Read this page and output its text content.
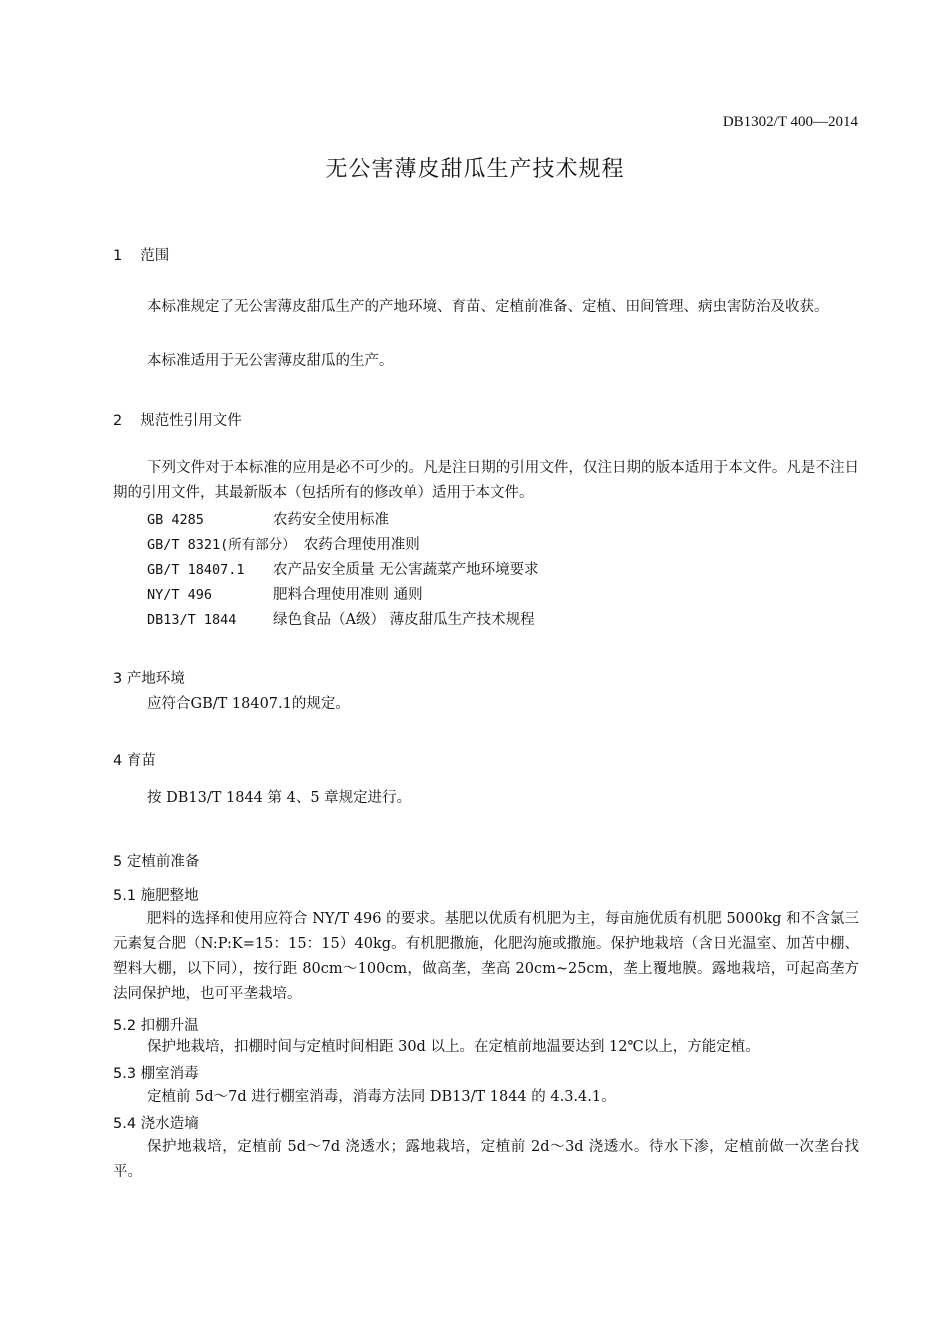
DB1302/T 400—2014
无公害薄皮甜瓜生产技术规程
1 范围
本标准规定了无公害薄皮甜瓜生产的产地环境、育苗、定植前准备、定植、田间管理、病虫害防治及收获。
本标准适用于无公害薄皮甜瓜的生产。
2 规范性引用文件
下列文件对于本标准的应用是必不可少的。凡是注日期的引用文件，仅注日期的版本适用于本文件。凡是不注日期的引用文件，其最新版本（包括所有的修改单）适用于本文件。
GB 4285	农药安全使用标准
GB/T 8321(所有部分） 农药合理使用准则
GB/T 18407.1 农产品安全质量 无公害蔬菜产地环境要求
NY/T 496	肥料合理使用准则 通则
DB13/T 1844	绿色食品（A级） 薄皮甜瓜生产技术规程
3 产地环境
应符合GB/T 18407.1的规定。
4 育苗
按 DB13/T 1844 第 4、5 章规定进行。
5 定植前准备
5.1 施肥整地
肥料的选择和使用应符合 NY/T 496 的要求。基肥以优质有机肥为主，每亩施优质有机肥 5000kg 和不含氯三元素复合肥（N:P:K=15：15：15）40kg。有机肥撒施，化肥沟施或撒施。保护地栽培（含日光温室、加苫中棚、塑料大棚，以下同），按行距 80cm～100cm，做高垄，垄高 20cm~25cm，垄上覆地膜。露地栽培，可起高垄方法同保护地，也可平垄栽培。
5.2 扣棚升温
保护地栽培，扣棚时间与定植时间相距 30d 以上。在定植前地温要达到 12℃以上，方能定植。
5.3 棚室消毒
定植前 5d～7d 进行棚室消毒，消毒方法同 DB13/T 1844 的 4.3.4.1。
5.4 浇水造墒
保护地栽培，定植前 5d～7d 浇透水；露地栽培，定植前 2d～3d 浇透水。待水下渗，定植前做一次垄台找平。
